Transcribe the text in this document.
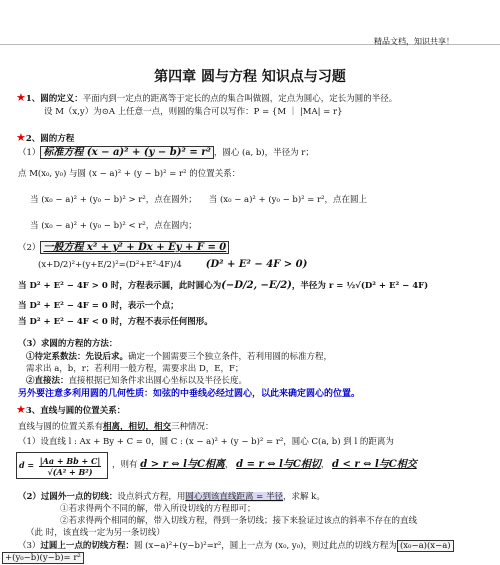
精品文档，知识共享！
第四章 圆与方程 知识点与习题
★1、圆的定义：平面内到一定点的距离等于定长的点的集合叫做圆，定点为圆心，定长为圆的半径。
设 M（x,y）为⊙A 上任意一点，则圆的集合可以写作：P = {M ｜ |MA| = r}
★2、圆的方程
（1） 标准方程 (x − a)² + (y − b)² = r² ，圆心 (a, b)，半径为 r；
点 M(x₀, y₀) 与圆 (x − a)² + (y − b)² = r² 的位置关系：
当 (x₀ − a)² + (y₀ − b)² > r²，点在圆外； 当 (x₀ − a)² + (y₀ − b)² = r²，点在圆上
当 (x₀ − a)² + (y₀ − b)² < r²，点在圆内；
（2） 一般方程 x² + y² + Dx + Ey + F = 0
(x+D/2)²+(y+E/2)²=(D²+E²-4F)/4 (D² + E² − 4F > 0)
当 D² + E² − 4F > 0 时，方程表示圆，此时圆心为(−D/2, −E/2)，半径为 r = ½√(D² + E² − 4F)
当 D² + E² − 4F = 0 时，表示一个点；
当 D² + E² − 4F < 0 时，方程不表示任何图形。
（3）求圆的方程的方法：
①待定系数法：先设后求。确定一个圆需要三个独立条件，若利用圆的标准方程，
需求出 a，b，r；若利用一般方程，需要求出 D，E，F；
②直接法：直接根据已知条件求出圆心坐标以及半径长度。
另外要注意多利用圆的几何性质：如弦的中垂线必经过圆心，以此来确定圆心的位置。
★3、直线与圆的位置关系：
直线与圆的位置关系有相离，相切，相交三种情况：
（1）设直线 l : Ax + By + C = 0，圆 C : (x − a)² + (y − b)² = r²，圆心 C(a, b) 到 l 的距离为
d = |Aa + Bb + C|
√(A² + B²)
，则有 d > r ⇔ l与C相离， d = r ⇔ l与C相切， d < r ⇔ l与C相交
（2）过圆外一点的切线：设点斜式方程，用圆心到该直线距离 = 半径，求解 k。
①若求得两个不同的解，带入所设切线的方程即可；
②若求得两个相同的解，带入切线方程，得到一条切线；接下来验证过该点的斜率不存在的直线
（此 时，该直线一定为另一条切线）
（3）过圆上一点的切线方程：圆 (x−a)²+(y−b)²=r²，圆上一点为 (x₀, y₀)，则过此点的切线方程为 (x₀−a)(x−a)
+(y₀−b)(y−b)= r²
